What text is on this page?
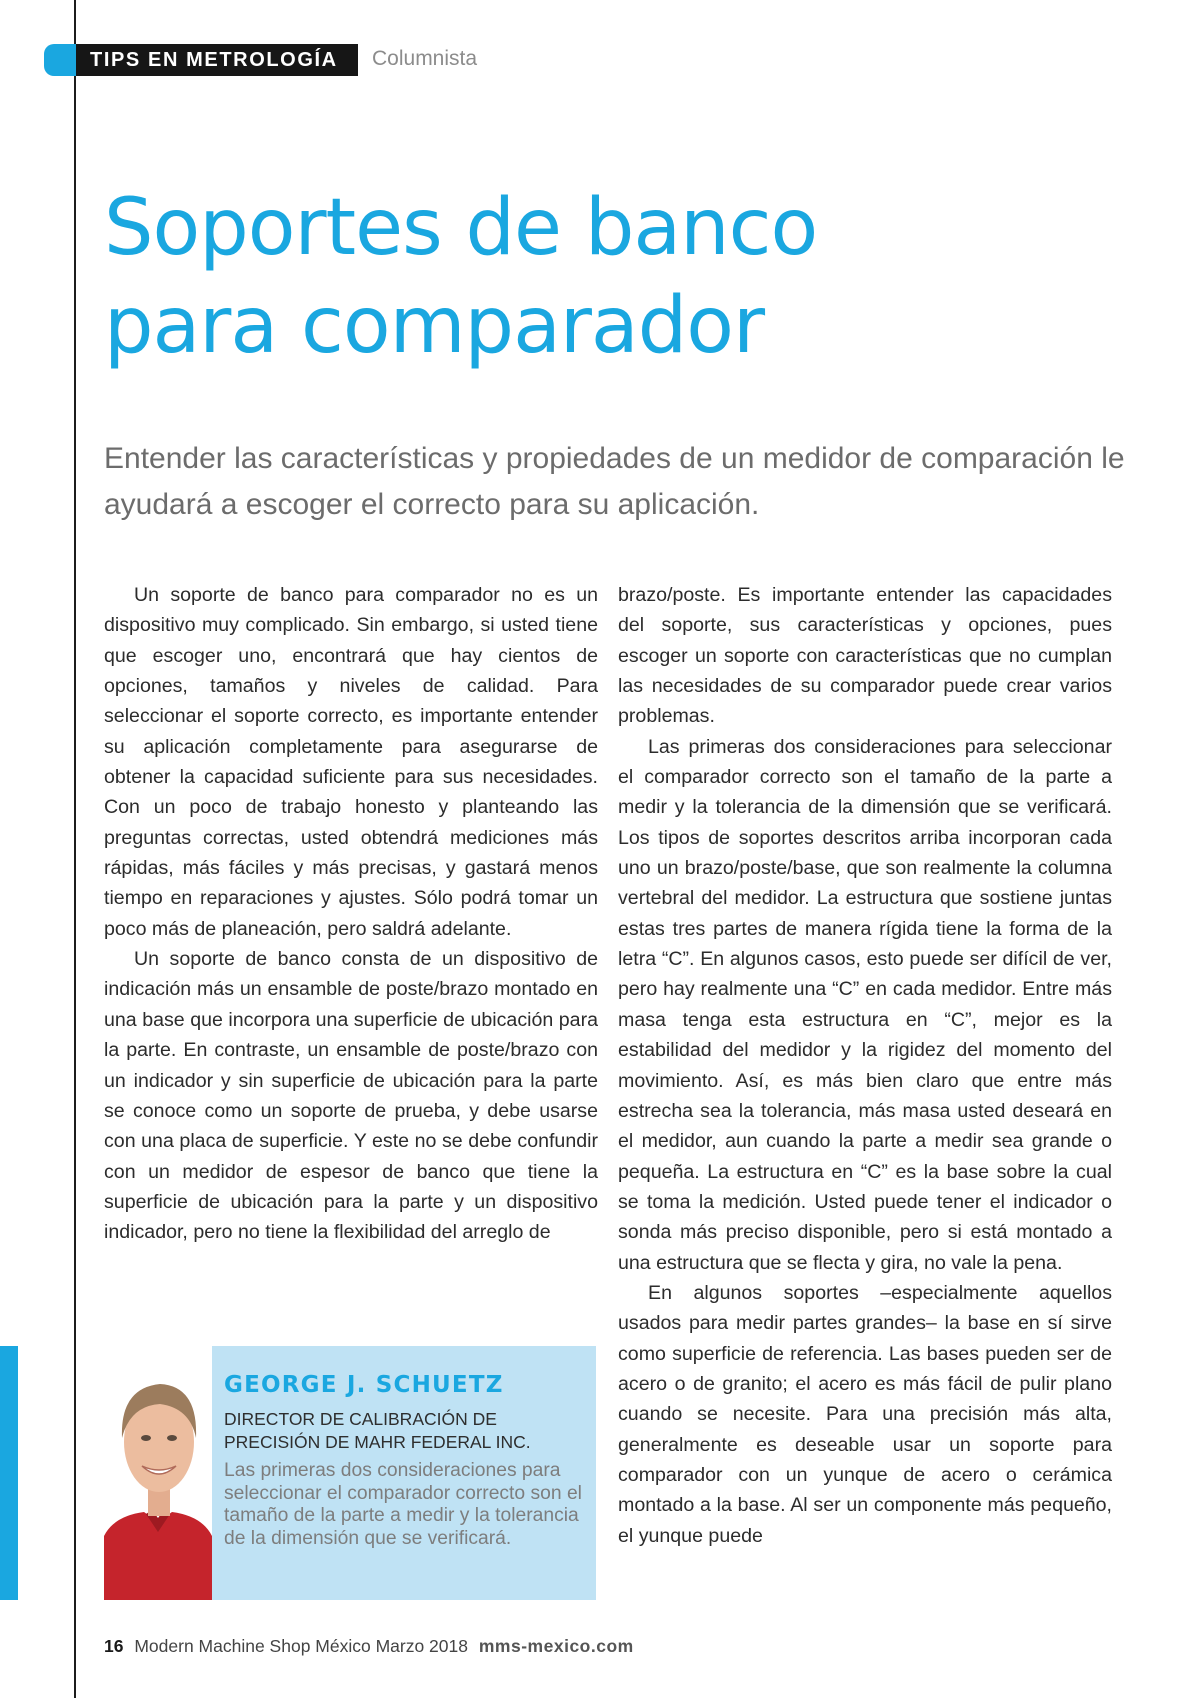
TIPS EN METROLOGÍA	Columnista
Soportes de banco
para comparador

Entender las características y propiedades de un medidor de comparación le ayudará a escoger el correcto para su aplicación.

Un soporte de banco para comparador no es un dispositivo muy complicado. Sin embargo, si usted tiene que escoger uno, encontrará que hay cientos de opciones, tamaños y niveles de calidad. Para seleccionar el soporte correcto, es importante entender su aplicación completamente para asegurarse de obtener la capacidad suficiente para sus necesidades. Con un poco de trabajo honesto y planteando las preguntas correctas, usted obtendrá mediciones más rápidas, más fáciles y más precisas, y gastará menos tiempo en reparaciones y ajustes. Sólo podrá tomar un poco más de planeación, pero saldrá adelante.

Un soporte de banco consta de un dispositivo de indicación más un ensamble de poste/brazo montado en una base que incorpora una superficie de ubicación para la parte. En contraste, un ensamble de poste/brazo con un indicador y sin superficie de ubicación para la parte se conoce como un soporte de prueba, y debe usarse con una placa de superficie. Y este no se debe confundir con un medidor de espesor de banco que tiene la superficie de ubicación para la parte y un dispositivo indicador, pero no tiene la flexibilidad del arreglo de

brazo/poste. Es importante entender las capacidades del soporte, sus características y opciones, pues escoger un soporte con características que no cumplan las necesidades de su comparador puede crear varios problemas.

Las primeras dos consideraciones para seleccionar el comparador correcto son el tamaño de la parte a medir y la tolerancia de la dimensión que se verificará. Los tipos de soportes descritos arriba incorporan cada uno un brazo/poste/base, que son realmente la columna vertebral del medidor. La estructura que sostiene juntas estas tres partes de manera rígida tiene la forma de la letra “C”. En algunos casos, esto puede ser difícil de ver, pero hay realmente una “C” en cada medidor. Entre más masa tenga esta estructura en “C”, mejor es la estabilidad del medidor y la rigidez del momento del movimiento. Así, es más bien claro que entre más estrecha sea la tolerancia, más masa usted deseará en el medidor, aun cuando la parte a medir sea grande o pequeña. La estructura en “C” es la base sobre la cual se toma la medición. Usted puede tener el indicador o sonda más preciso disponible, pero si está montado a una estructura que se flecta y gira, no vale la pena.

En algunos soportes –especialmente aquellos usados para medir partes grandes– la base en sí sirve como superficie de referencia. Las bases pueden ser de acero o de granito; el acero es más fácil de pulir plano cuando se necesite. Para una precisión más alta, generalmente es deseable usar un soporte para comparador con un yunque de acero o cerámica montado a la base. Al ser un componente más pequeño, el yunque puede

GEORGE J. SCHUETZ
DIRECTOR DE CALIBRACIÓN DE PRECISIÓN DE MAHR FEDERAL INC.
Las primeras dos consideraciones para seleccionar el comparador correcto son el tamaño de la parte a medir y la tolerancia de la dimensión que se verificará.
16 Modern Machine Shop México Marzo 2018 mms-mexico.com
